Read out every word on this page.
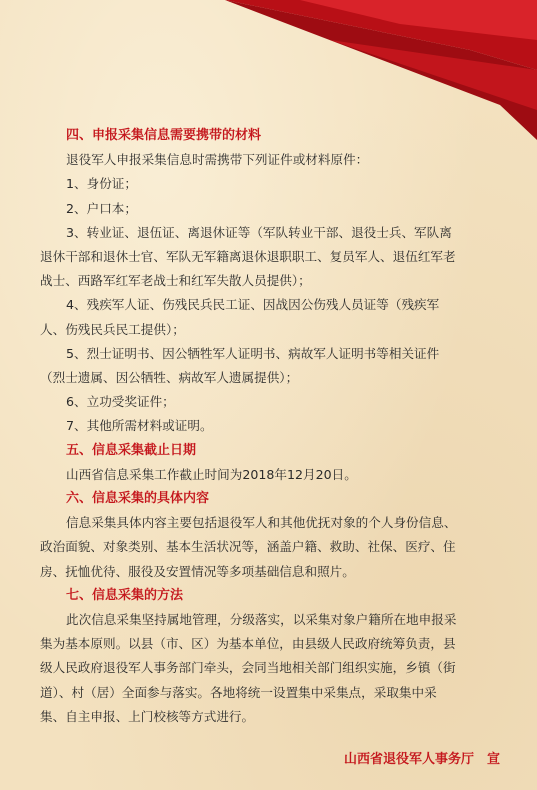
四、申报采集信息需要携带的材料

退役军人申报采集信息时需携带下列证件或材料原件：

1、身份证；

2、户口本；

3、转业证、退伍证、离退休证等（军队转业干部、退役士兵、军队离

退休干部和退休士官、军队无军籍离退休退职职工、复员军人、退伍红军老

战士、西路军红军老战士和红军失散人员提供）；

4、残疾军人证、伤残民兵民工证、因战因公伤残人员证等（残疾军

人、伤残民兵民工提供）；

5、烈士证明书、因公牺牲军人证明书、病故军人证明书等相关证件

（烈士遗属、因公牺牲、病故军人遗属提供）；

6、立功受奖证件；

7、其他所需材料或证明。

五、信息采集截止日期

山西省信息采集工作截止时间为2018年12月20日。

六、信息采集的具体内容

信息采集具体内容主要包括退役军人和其他优抚对象的个人身份信息、

政治面貌、对象类别、基本生活状况等，涵盖户籍、救助、社保、医疗、住

房、抚恤优待、服役及安置情况等多项基础信息和照片。

七、信息采集的方法

此次信息采集坚持属地管理，分级落实，以采集对象户籍所在地申报采

集为基本原则。以县（市、区）为基本单位，由县级人民政府统筹负责，县

级人民政府退役军人事务部门牵头，会同当地相关部门组织实施，乡镇（街

道）、村（居）全面参与落实。各地将统一设置集中采集点，采取集中采

集、自主申报、上门校核等方式进行。

山西省退役军人事务厅　宣
